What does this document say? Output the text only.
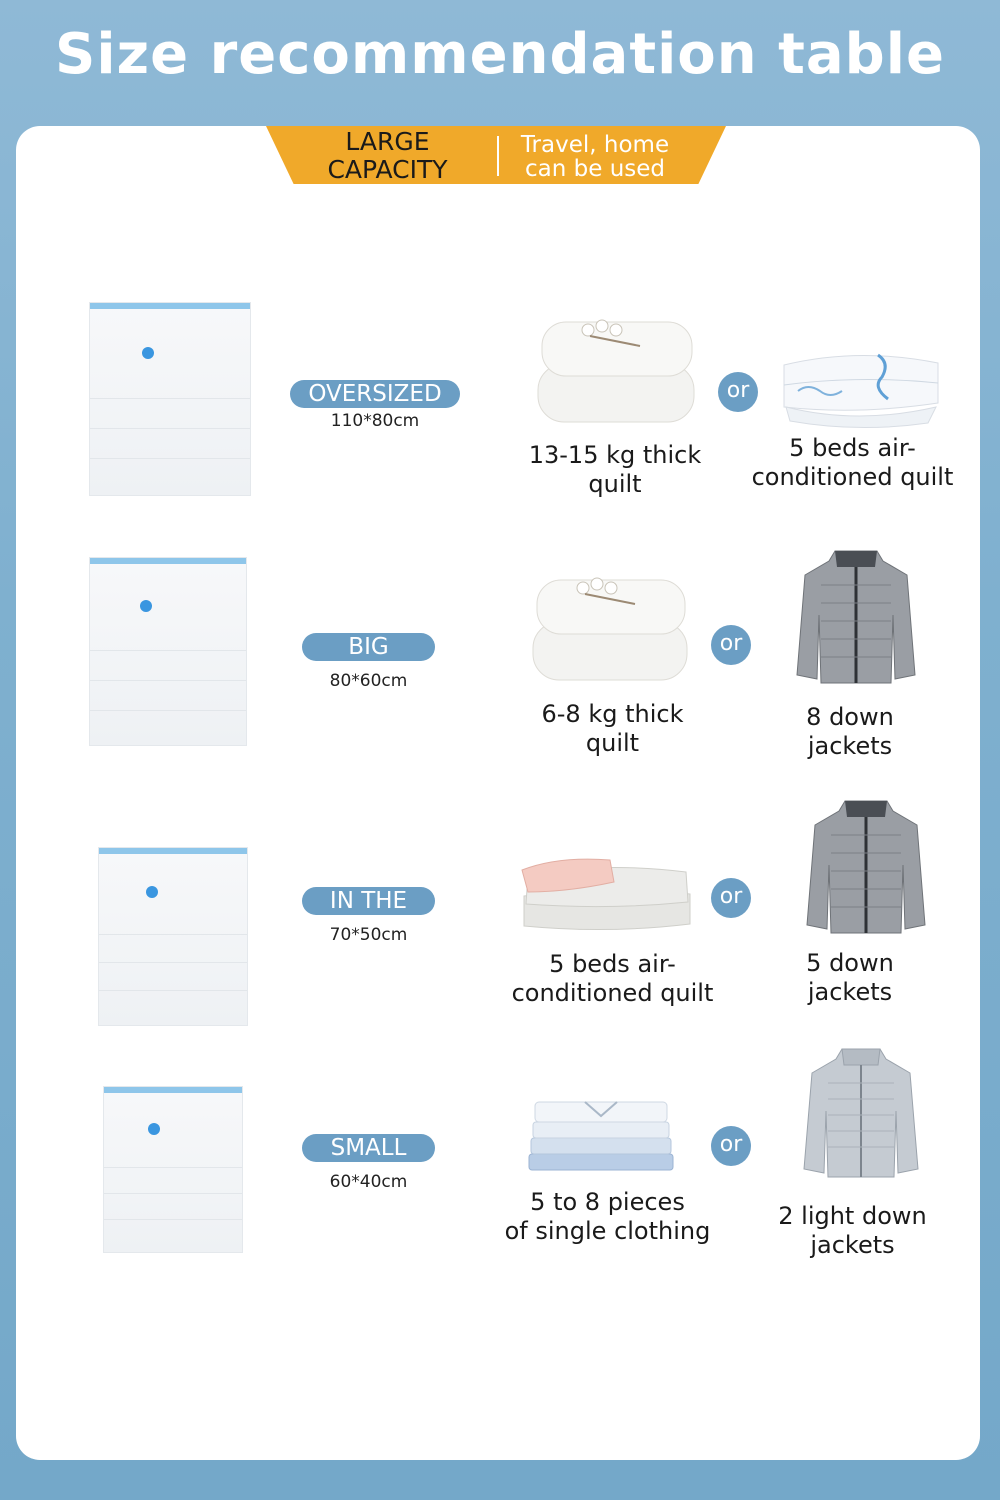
Size recommendation table
LARGE
CAPACITY
Travel, home
can be used
OVERSIZED
110*80cm
13-15 kg thick
quilt
or
5 beds air-
conditioned quilt
BIG
80*60cm
6-8 kg thick
quilt
or
8 down
jackets
IN THE
70*50cm
5 beds air-
conditioned quilt
or
5 down
jackets
SMALL
60*40cm
5 to 8 pieces
of single clothing
or
2 light down
jackets
